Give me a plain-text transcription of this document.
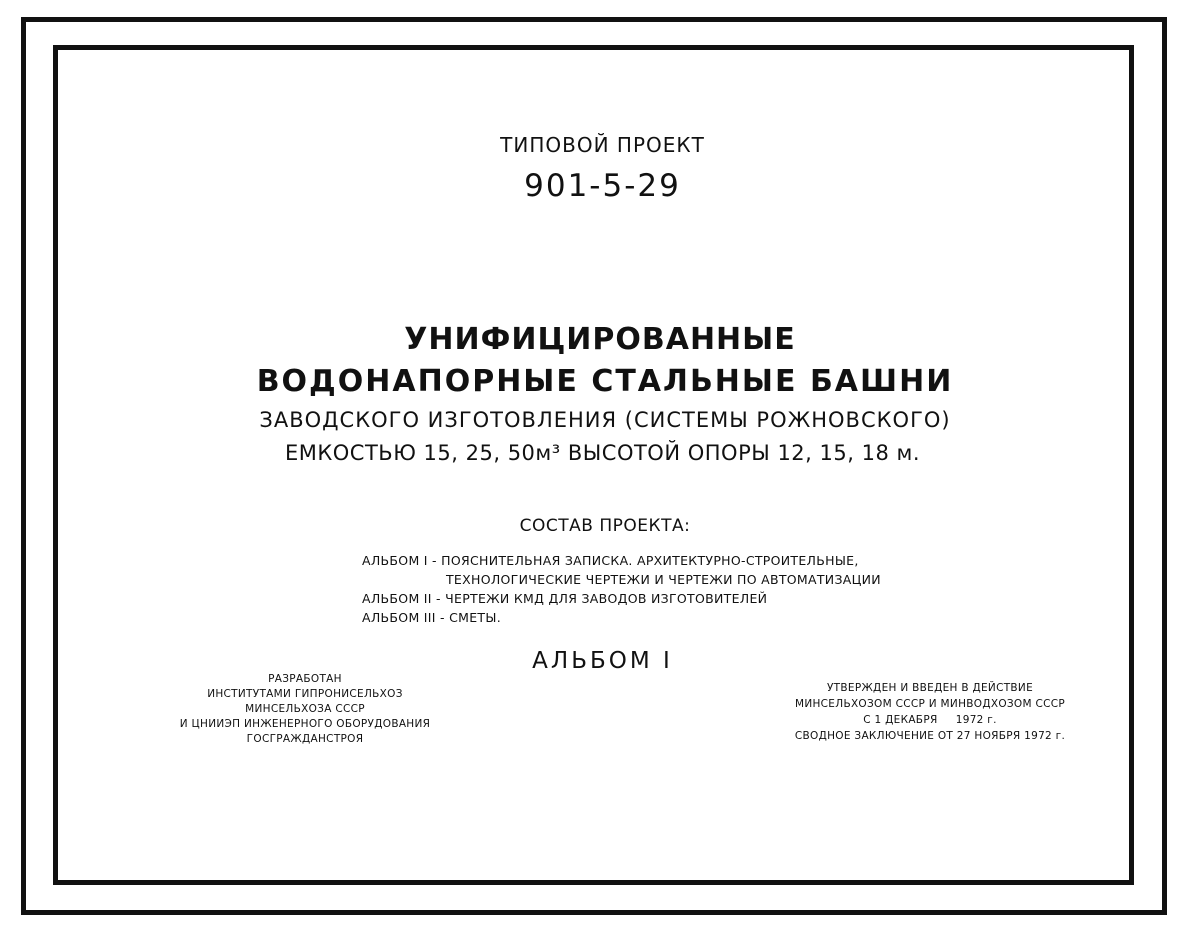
ТИПОВОЙ ПРОЕКТ
901-5-29
УНИФИЦИРОВАННЫЕ
ВОДОНАПОРНЫЕ СТАЛЬНЫЕ БАШНИ
ЗАВОДСКОГО ИЗГОТОВЛЕНИЯ (СИСТЕМЫ РОЖНОВСКОГО)
ЕМКОСТЬЮ 15, 25, 50м³ ВЫСОТОЙ ОПОРЫ 12, 15, 18 м.
СОСТАВ ПРОЕКТА:
АЛЬБОМ I - ПОЯСНИТЕЛЬНАЯ ЗАПИСКА. АРХИТЕКТУРНО-СТРОИТЕЛЬНЫЕ,
ТЕХНОЛОГИЧЕСКИЕ ЧЕРТЕЖИ И ЧЕРТЕЖИ ПО АВТОМАТИЗАЦИИ
АЛЬБОМ II - ЧЕРТЕЖИ КМД ДЛЯ ЗАВОДОВ ИЗГОТОВИТЕЛЕЙ
АЛЬБОМ III - СМЕТЫ.
АЛЬБОМ I
РАЗРАБОТАН
ИНСТИТУТАМИ ГИПРОНИСЕЛЬХОЗ
МИНСЕЛЬХОЗА СССР
И ЦНИИЭП ИНЖЕНЕРНОГО ОБОРУДОВАНИЯ
ГОСГРАЖДАНСТРОЯ
УТВЕРЖДЕН И ВВЕДЕН В ДЕЙСТВИЕ
МИНСЕЛЬХОЗОМ СССР И МИНВОДХОЗОМ СССР
С 1 ДЕКАБРЯ     1972 г.
СВОДНОЕ ЗАКЛЮЧЕНИЕ ОТ 27 НОЯБРЯ 1972 г.
